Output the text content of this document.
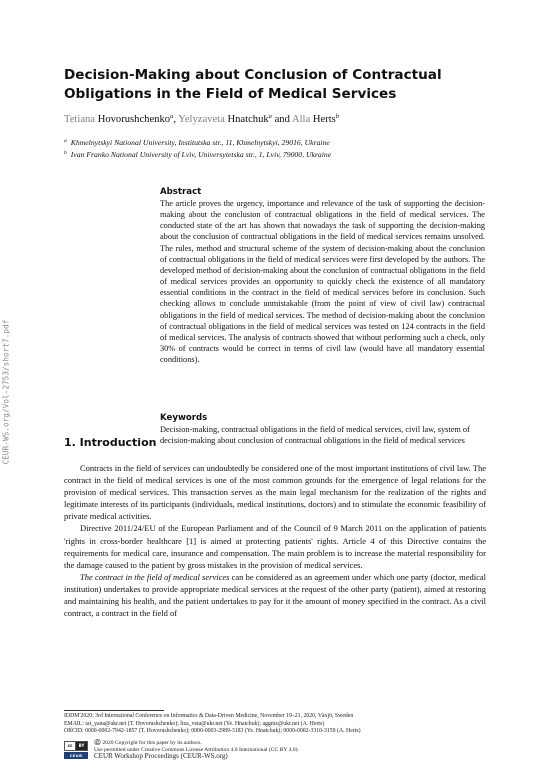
CEUR-WS.org/Vol-2753/short7.pdf
Decision-Making about Conclusion of Contractual Obligations in the Field of Medical Services
Tetiana Hovorushchenko$^a$, Yelyzaveta Hnatchuk$^a$ and Alla Herts$^b$
$^a$ Khmelnytskyi National University, Institutska str., 11, Khmelnytskyi, 29016, Ukraine
$^b$ Ivan Franko National University of Lviv, Universytetska str., 1, Lviv, 79000, Ukraine
Abstract

The article proves the urgency, importance and relevance of the task of supporting the decision-making about the conclusion of contractual obligations in the field of medical services. The conducted state of the art has shown that nowadays the task of supporting the decision-making about the conclusion of contractual obligations in the field of medical services remains unsolved. The rules, method and structural scheme of the system of decision-making about the conclusion of contractual obligations in the field of medical services were first developed by the authors. The developed method of decision-making about the conclusion of contractual obligations in the field of medical services provides an opportunity to quickly check the existence of all mandatory essential conditions in the contract in the field of medical services before its conclusion. Such checking allows to conclude unmistakable (from the point of view of civil law) contractual obligations in the field of medical services. The method of decision-making about the conclusion of contractual obligations in the field of medical services was tested on 124 contracts in the field of medical services. The analysis of contracts showed that without performing such a check, only 30% of contracts would be correct in terms of civil law (would have all mandatory essential conditions).

Keywords

Decision-making, contractual obligations in the field of medical services, civil law, system of decision-making about conclusion of contractual obligations in the field of medical services

1. Introduction

Contracts in the field of services can undoubtedly be considered one of the most important institutions of civil law. The contract in the field of medical services is one of the most common grounds for the emergence of legal relations for the provision of medical services. This transaction serves as the main legal mechanism for the realization of the rights and legitimate interests of its participants (individuals, medical institutions, doctors) and to stimulate the economic feasibility of private medical activities.

Directive 2011/24/EU of the European Parliament and of the Council of 9 March 2011 on the application of patients 'rights in cross-border healthcare [1] is aimed at protecting patients' rights. Article 4 of this Directive contains the requirements for medical care, insurance and compensation. The main problem is to increase the material responsibility for the damage caused to the patient by gross mistakes in the provision of medical services.

The contract in the field of medical services can be considered as an agreement under which one party (doctor, medical institution) undertakes to provide appropriate medical services at the request of the other party (patient), aimed at restoring and maintaining his health, and the patient undertakes to pay for it the amount of money specified in the contract. As a civil contract, a contract in the field of

IDDM'2020: 3rd International Conference on Informatics & Data-Driven Medicine, November 19–21, 2020, Växjö, Sweden
EMAIL: tat_yana@ukr.net (T. Hovorushchenko); liza_veta@ukr.net (Ye. Hnatchuk); aggmz@ukr.net (A. Herts)
ORCID: 0000-0002-7942-1857 (T. Hovorushchenko); 0000-0003-2989-3183 (Ye. Hnatchuk); 0000-0002-3310-3159 (A. Herts)
cc BY
CEUR
©️ 2020 Copyright for this paper by its authors.
Use permitted under Creative Commons License Attribution 4.0 International (CC BY 4.0).
CEUR Workshop Proceedings (CEUR-WS.org)
